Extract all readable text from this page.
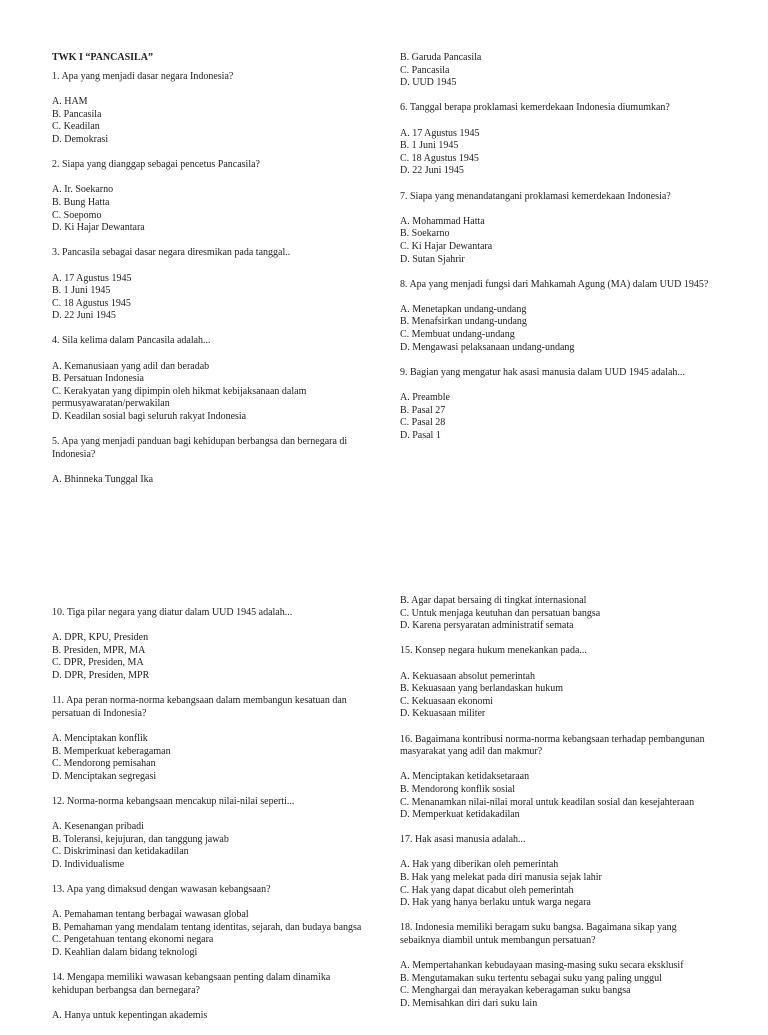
TWK I “PANCASILA”
1. Apa yang menjadi dasar negara Indonesia?
A. HAM
B. Pancasila
C. Keadilan
D. Demokrasi
2. Siapa yang dianggap sebagai pencetus Pancasila?
A. Ir. Soekarno
B. Bung Hatta
C. Soepomo
D. Ki Hajar Dewantara
3. Pancasila sebagai dasar negara diresmikan pada tanggal..
A. 17 Agustus 1945
B. 1 Juni 1945
C. 18 Agustus 1945
D. 22 Juni 1945
4. Sila kelima dalam Pancasila adalah...
A. Kemanusiaan yang adil dan beradab
B. Persatuan Indonesia
C. Kerakyatan yang dipimpin oleh hikmat kebijaksanaan dalam
permusyawaratan/perwakilan
D. Keadilan sosial bagi seluruh rakyat Indonesia
5. Apa yang menjadi panduan bagi kehidupan berbangsa dan bernegara di
Indonesia?
A. Bhinneka Tunggal Ika
B. Garuda Pancasila
C. Pancasila
D. UUD 1945
6. Tanggal berapa proklamasi kemerdekaan Indonesia diumumkan?
A. 17 Agustus 1945
B. 1 Juni 1945
C. 18 Agustus 1945
D. 22 Juni 1945
7. Siapa yang menandatangani proklamasi kemerdekaan Indonesia?
A. Mohammad Hatta
B. Soekarno
C. Ki Hajar Dewantara
D. Sutan Sjahrir
8. Apa yang menjadi fungsi dari Mahkamah Agung (MA) dalam UUD 1945?
A. Menetapkan undang-undang
B. Menafsirkan undang-undang
C. Membuat undang-undang
D. Mengawasi pelaksanaan undang-undang
9. Bagian yang mengatur hak asasi manusia dalam UUD 1945 adalah...
A. Preamble
B. Pasal 27
C. Pasal 28
D. Pasal 1
10. Tiga pilar negara yang diatur dalam UUD 1945 adalah...
A. DPR, KPU, Presiden
B. Presiden, MPR, MA
C. DPR, Presiden, MA
D. DPR, Presiden, MPR
11. Apa peran norma-norma kebangsaan dalam membangun kesatuan dan
persatuan di Indonesia?
A. Menciptakan konflik
B. Memperkuat keberagaman
C. Mendorong pemisahan
D. Menciptakan segregasi
12. Norma-norma kebangsaan mencakup nilai-nilai seperti...
A. Kesenangan pribadi
B. Toleransi, kejujuran, dan tanggung jawab
C. Diskriminasi dan ketidakadilan
D. Individualisme
13. Apa yang dimaksud dengan wawasan kebangsaan?
A. Pemahaman tentang berbagai wawasan global
B. Pemahaman yang mendalam tentang identitas, sejarah, dan budaya bangsa
C. Pengetahuan tentang ekonomi negara
D. Keahlian dalam bidang teknologi
14. Mengapa memiliki wawasan kebangsaan penting dalam dinamika
kehidupan berbangsa dan bernegara?
A. Hanya untuk kepentingan akademis
B. Agar dapat bersaing di tingkat internasional
C. Untuk menjaga keutuhan dan persatuan bangsa
D. Karena persyaratan administratif semata
15. Konsep negara hukum menekankan pada...
A. Kekuasaan absolut pemerintah
B. Kekuasaan yang berlandaskan hukum
C. Kekuasaan ekonomi
D. Kekuasaan militer
16. Bagaimana kontribusi norma-norma kebangsaan terhadap pembangunan
masyarakat yang adil dan makmur?
A. Menciptakan ketidaksetaraan
B. Mendorong konflik sosial
C. Menanamkan nilai-nilai moral untuk keadilan sosial dan kesejahteraan
D. Memperkuat ketidakadilan
17. Hak asasi manusia adalah...
A. Hak yang diberikan oleh pemerintah
B. Hak yang melekat pada diri manusia sejak lahir
C. Hak yang dapat dicabut oleh pemerintah
D. Hak yang hanya berlaku untuk warga negara
18. Indonesia memiliki beragam suku bangsa. Bagaimana sikap yang
sebaiknya diambil untuk membangun persatuan?
A. Mempertahankan kebudayaan masing-masing suku secara eksklusif
B. Mengutamakan suku tertentu sebagai suku yang paling unggul
C. Menghargai dan merayakan keberagaman suku bangsa
D. Memisahkan diri dari suku lain
